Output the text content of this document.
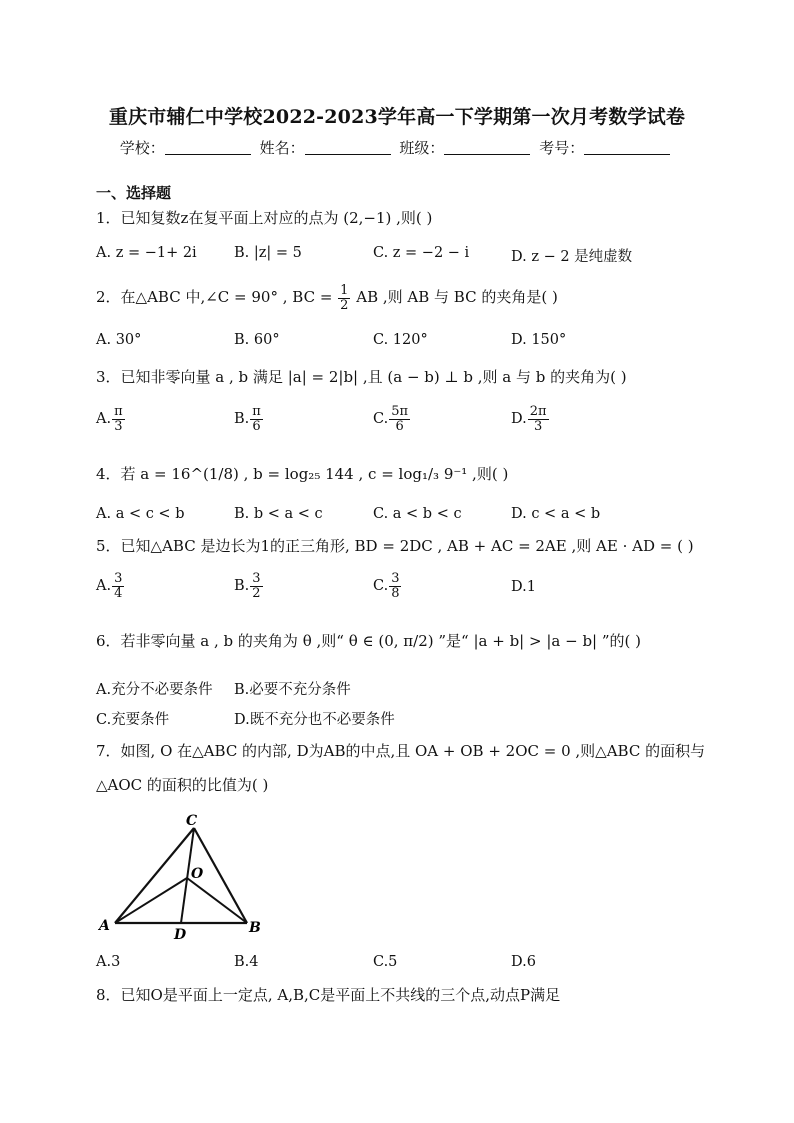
重庆市辅仁中学校2022-2023学年高一下学期第一次月考数学试卷
学校：	姓名：	班级：	考号：
一、选择题
1．已知复数z在复平面上对应的点为 (2,−1) ,则( )
A. z = −1+ 2i	B. |z| = 5	C. z = −2 − i	D. z − 2 是纯虚数
2．在△ABC 中,∠C = 90° , BC = $\frac{1}{2}$ AB ,则 AB 与 BC 的夹角是( )
A. 30°	B. 60°	C. 120°	D. 150°
3．已知非零向量 a , b 满足 |a| = 2|b| ,且 (a − b) ⊥ b ,则 a 与 b 的夹角为( )
A. $\frac{\pi}{3}$	B. $\frac{\pi}{6}$	C. $\frac{5\pi}{6}$	D. $\frac{2\pi}{3}$
4．若 a = 16^(1/8) , b = log₂₅ 144 , c = log₁/₃ 9⁻¹ ,则( )
A. a < c < b	B. b < a < c	C. a < b < c	D. c < a < b
5．已知△ABC 是边长为1的正三角形, BD = 2DC , AB + AC = 2AE ,则 AE · AD = ( )
A. $\frac{3}{4}$	B. $\frac{3}{2}$	C. $\frac{3}{8}$	D.1
6．若非零向量 a , b 的夹角为 θ ,则“ θ ∈ (0, π/2) ”是“ |a + b| > |a − b| ”的( )
A.充分不必要条件 B.必要不充分条件
C.充要条件	D.既不充分也不必要条件
7．如图, O 在△ABC 的内部, D为AB的中点,且 OA + OB + 2OC = 0 ,则△ABC 的面积与
△AOC 的面积的比值为( )
C
O
A	B
D
A.3	B.4	C.5	D.6
8．已知O是平面上一定点, A,B,C是平面上不共线的三个点,动点P满足
